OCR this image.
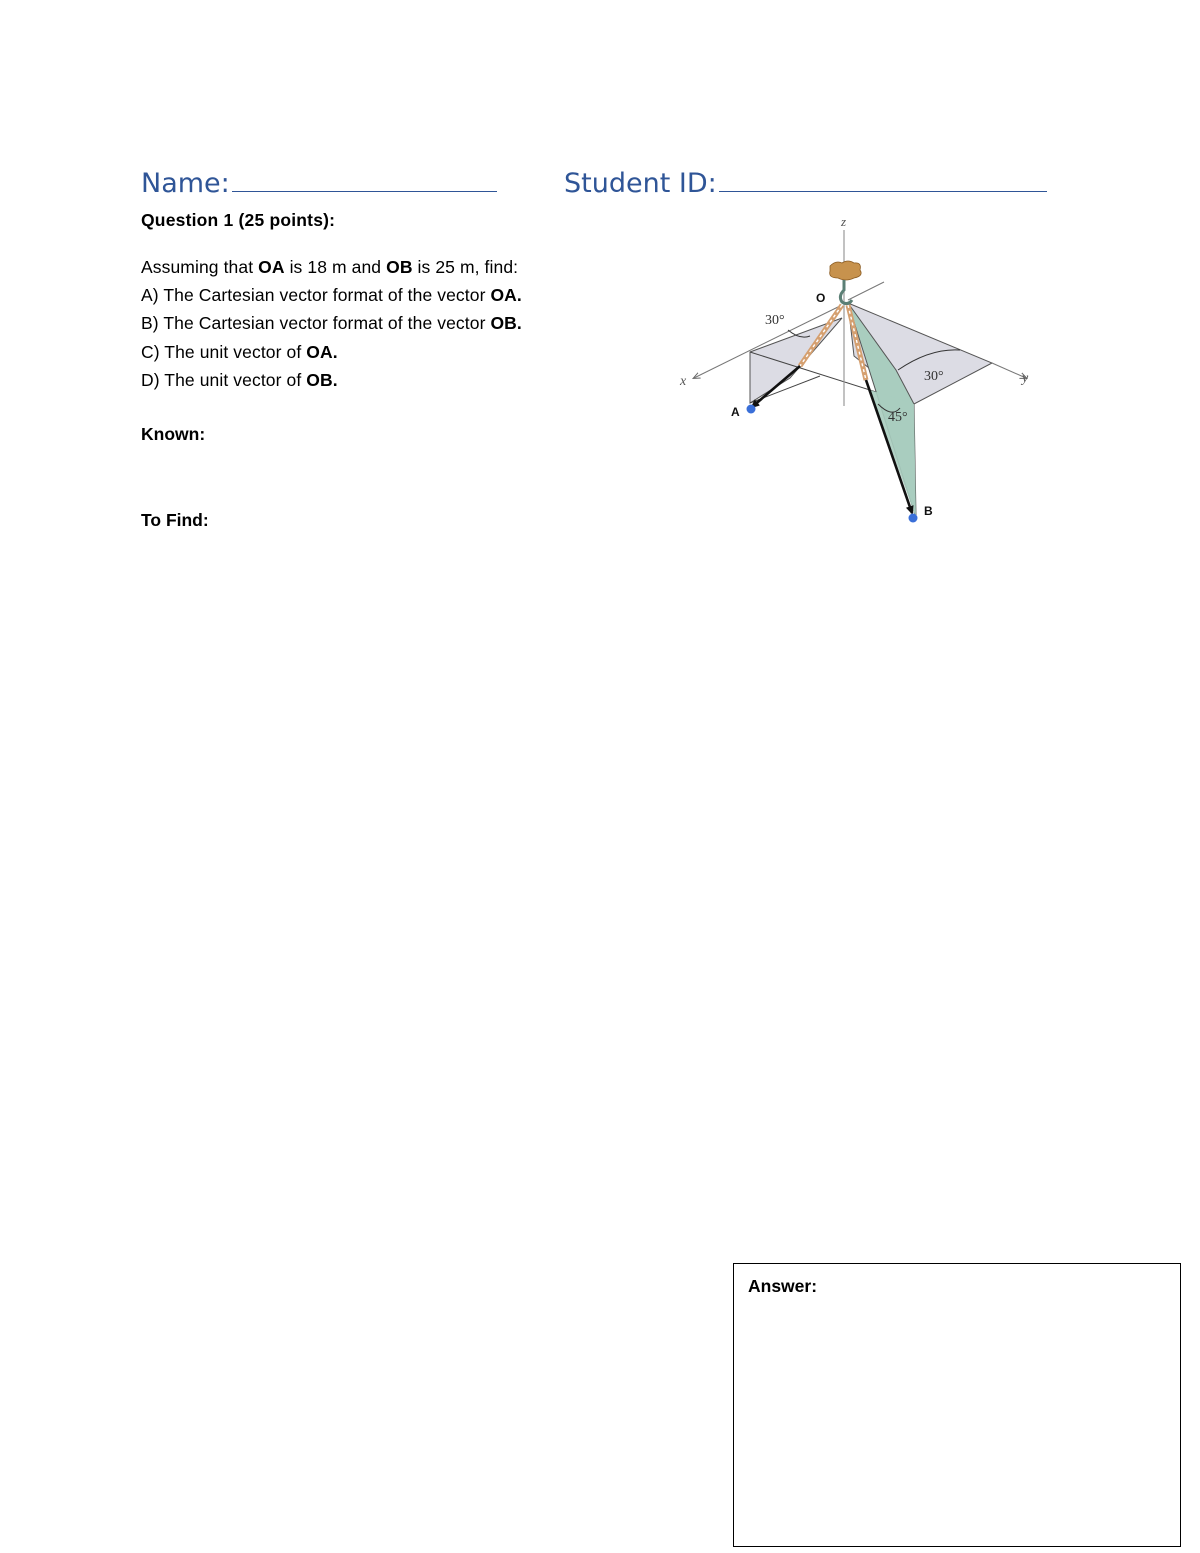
Name:	Student ID:
Question 1 (25 points):
Assuming that OA is 18 m and OB is 25 m, find:
A) The Cartesian vector format of the vector OA.
B) The Cartesian vector format of the vector OB.
C) The unit vector of OA.
D) The unit vector of OB.
Known:
To Find:
z
x	y
O
A
B
30°
30°
45°
Answer:
